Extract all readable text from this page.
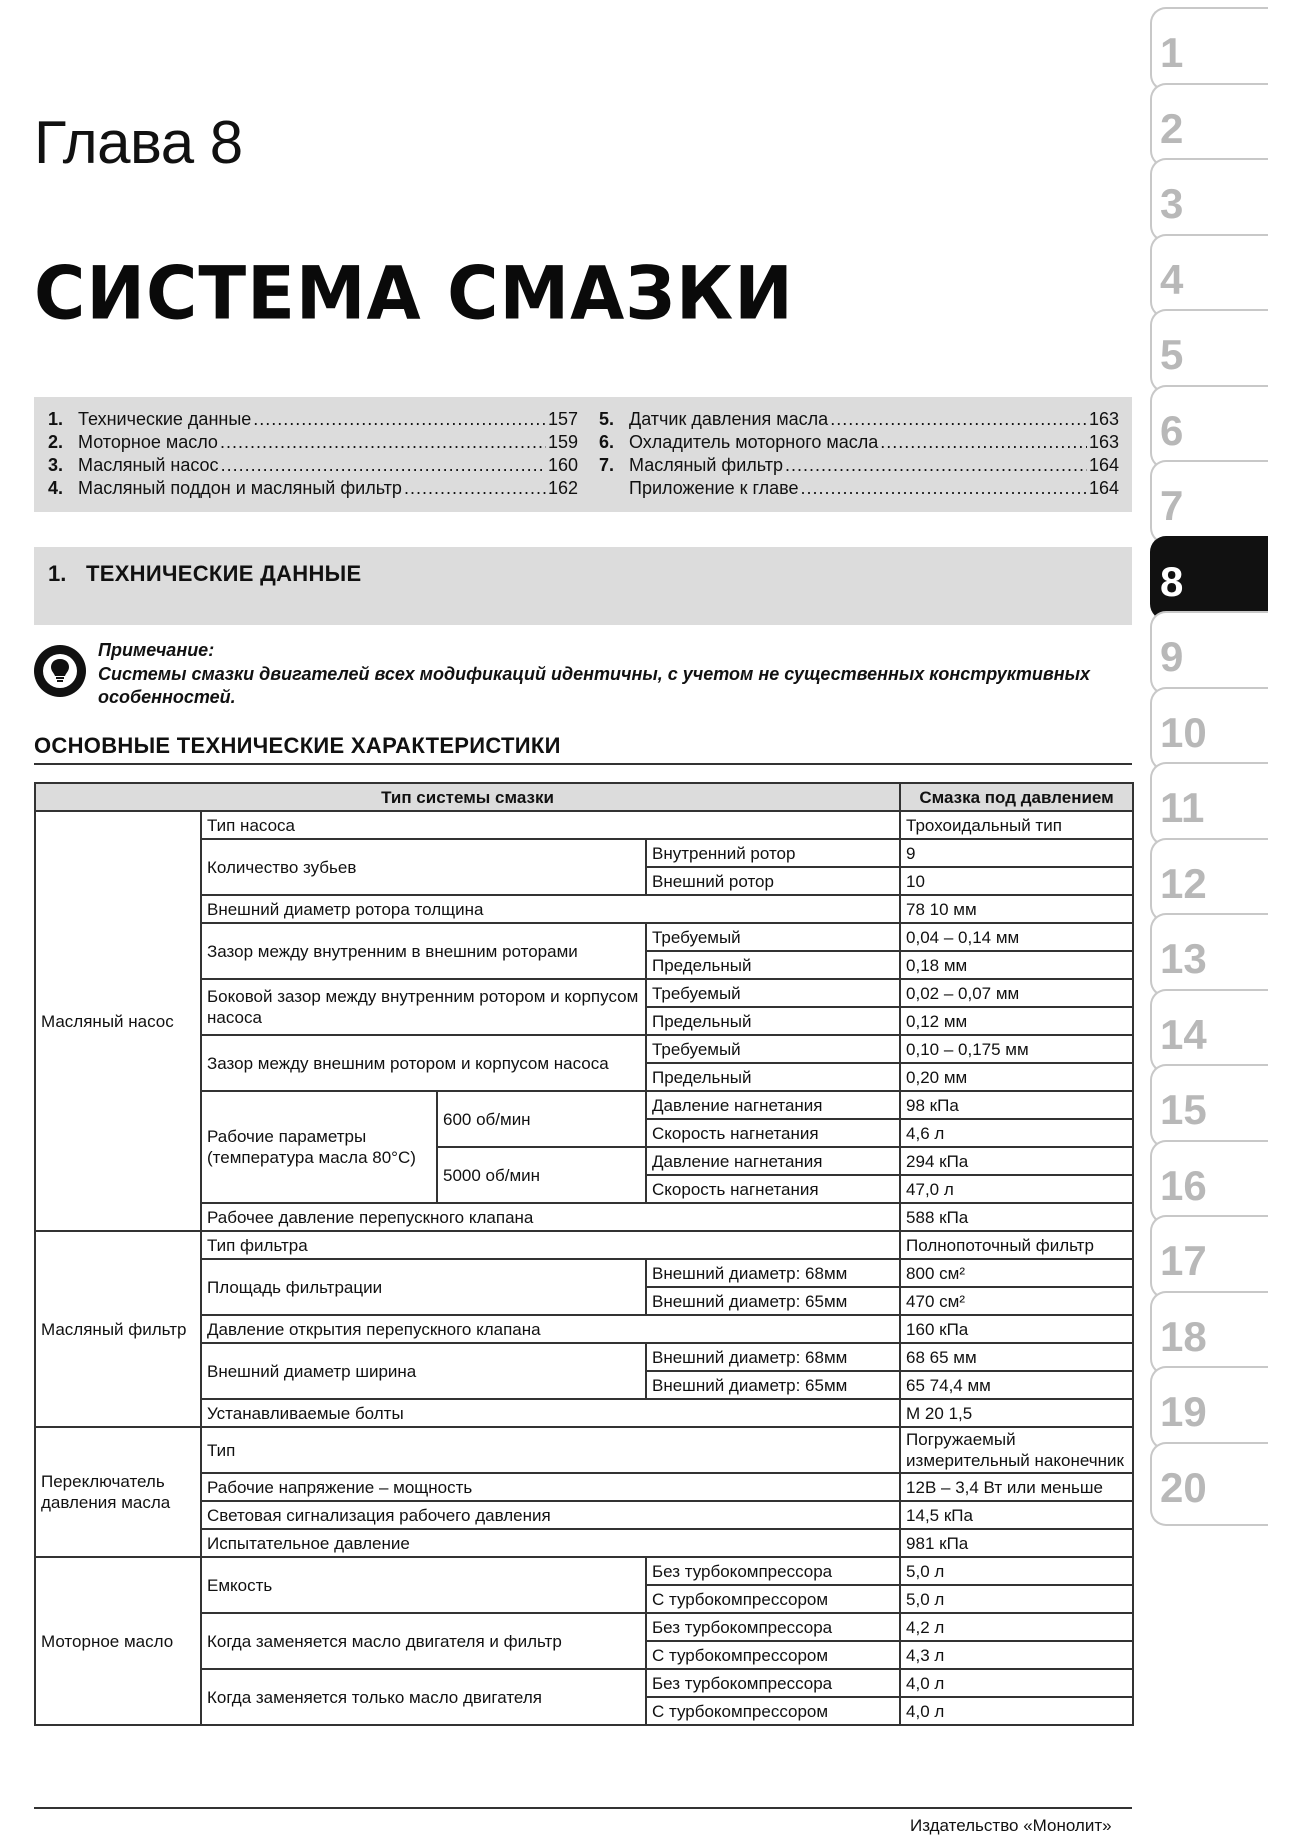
Глава 8
СИСТЕМА СМАЗКИ
1. Технические данные .....	157
2. Моторное масло .....	159
3. Масляный насос .....	160
4. Масляный поддон и масляный фильтр .....	162
5. Датчик давления масла .....	163
6. Охладитель моторного масла .....	163
7. Масляный фильтр .....	164
Приложение к главе .....	164
1. ТЕХНИЧЕСКИЕ ДАННЫЕ
Примечание:
Системы смазки двигателей всех модификаций идентичны, с учетом не существенных конструктивных особенностей.
ОСНОВНЫЕ ТЕХНИЧЕСКИЕ ХАРАКТЕРИСТИКИ
Тип системы смазки				Смазка под давлением
Масляный насос	Тип насоса			Трохоидальный тип
	Количество зубьев		Внутренний ротор	9
			Внешний ротор	10
	Внешний диаметр ротора толщина			78 10 мм
	Зазор между внутренним в внешним роторами		Требуемый	0,04 – 0,14 мм
			Предельный	0,18 мм
	Боковой зазор между внутренним ротором и корпусом насоса		Требуемый	0,02 – 0,07 мм
			Предельный	0,12 мм
	Зазор между внешним ротором и корпусом насоса		Требуемый	0,10 – 0,175 мм
			Предельный	0,20 мм
	Рабочие параметры (температура масла 80°С)	600 об/мин	Давление нагнетания	98 кПа
			Скорость нагнетания	4,6 л
		5000 об/мин	Давление нагнетания	294 кПа
			Скорость нагнетания	47,0 л
	Рабочее давление перепускного клапана			588 кПа
Масляный фильтр	Тип фильтра			Полнопоточный фильтр
	Площадь фильтрации		Внешний диаметр: 68мм	800 см²
			Внешний диаметр: 65мм	470 см²
	Давление открытия перепускного клапана			160 кПа
	Внешний диаметр ширина		Внешний диаметр: 68мм	68 65 мм
			Внешний диаметр: 65мм	65 74,4 мм
	Устанавливаемые болты			M 20 1,5
Переключатель давления масла	Тип			Погружаемый измерительный наконечник
	Рабочие напряжение – мощность			12В – 3,4 Вт или меньше
	Световая сигнализация рабочего давления			14,5 кПа
	Испытательное давление			981 кПа
Моторное масло	Емкость		Без турбокомпрессора	5,0 л
			С турбокомпрессором	5,0 л
	Когда заменяется масло двигателя и фильтр		Без турбокомпрессора	4,2 л
			С турбокомпрессором	4,3 л
	Когда заменяется только масло двигателя		Без турбокомпрессора	4,0 л
			С турбокомпрессором	4,0 л
Издательство «Монолит»
1
2
3
4
5
6
7
8
9
10
11
12
13
14
15
16
17
18
19
20
